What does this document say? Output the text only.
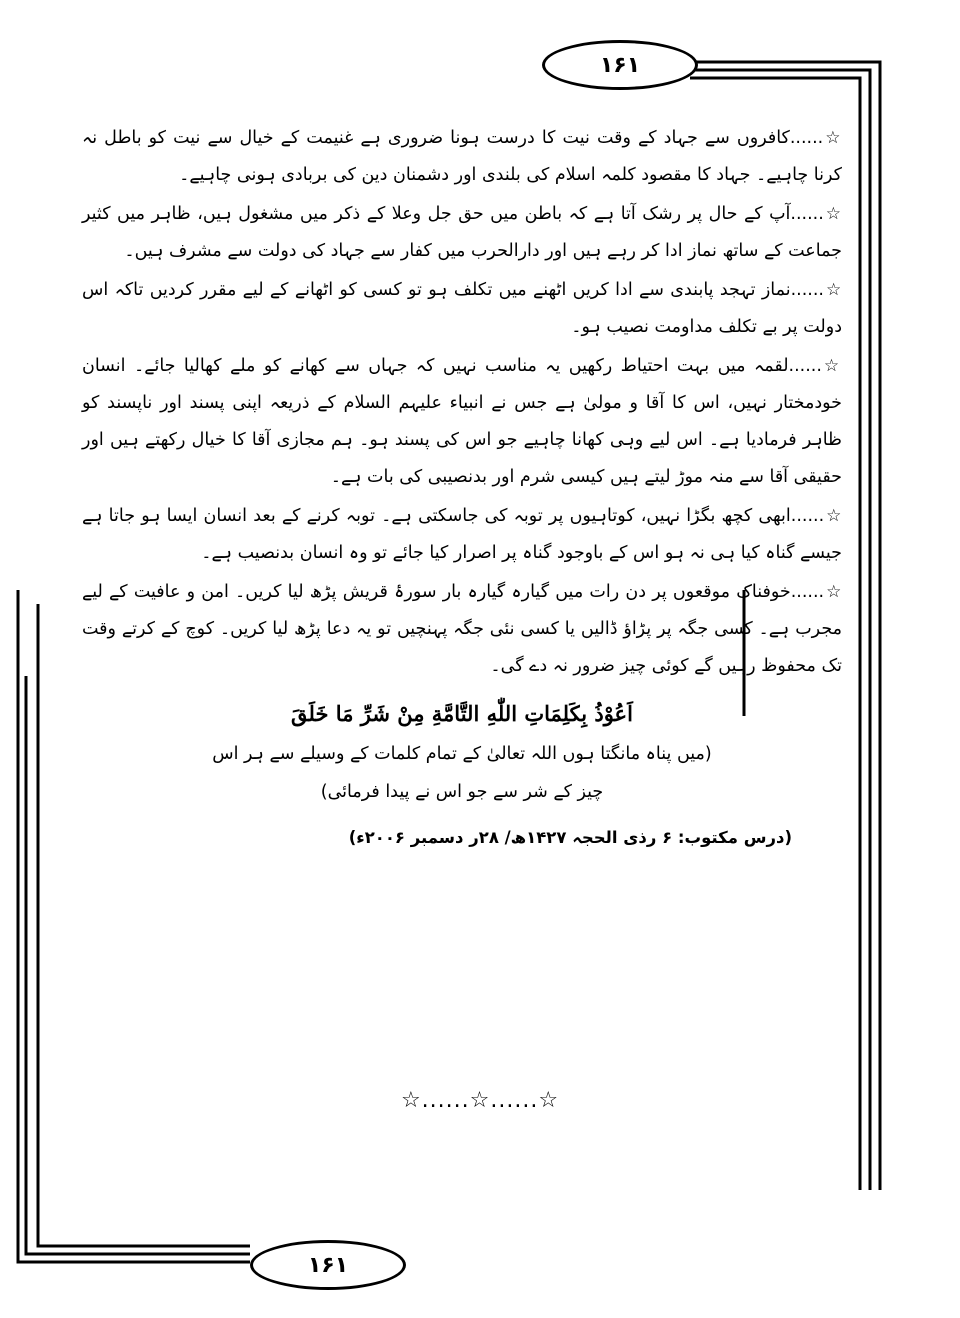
۱۶۱

☆......کافروں سے جہاد کے وقت نیت کا درست ہونا ضروری ہے غنیمت کے خیال سے نیت کو باطل نہ کرنا چاہیے۔ جہاد کا مقصود کلمہ اسلام کی بلندی اور دشمنان دین کی بربادی ہونی چاہیے۔

☆......آپ کے حال پر رشک آتا ہے کہ باطن میں حق جل وعلا کے ذکر میں مشغول ہیں، ظاہر میں کثیر جماعت کے ساتھ نماز ادا کر رہے ہیں اور دارالحرب میں کفار سے جہاد کی دولت سے مشرف ہیں۔

☆......نماز تہجد پابندی سے ادا کریں اٹھنے میں تکلف ہو تو کسی کو اٹھانے کے لیے مقرر کردیں تاکہ اس دولت پر بے تکلف مداومت نصیب ہو۔

☆......لقمہ میں بہت احتیاط رکھیں یہ مناسب نہیں کہ جہاں سے کھانے کو ملے کھالیا جائے۔ انسان خودمختار نہیں، اس کا آقا و مولیٰ ہے جس نے انبیاء علیہم السلام کے ذریعہ اپنی پسند اور ناپسند کو ظاہر فرمادیا ہے۔ اس لیے وہی کھانا چاہیے جو اس کی پسند ہو۔ ہم مجازی آقا کا خیال رکھتے ہیں اور حقیقی آقا سے منہ موڑ لیتے ہیں کیسی شرم اور بدنصیبی کی بات ہے۔

☆......ابھی کچھ بگڑا نہیں، کوتاہیوں پر توبہ کی جاسکتی ہے۔ توبہ کرنے کے بعد انسان ایسا ہو جاتا ہے جیسے گناہ کیا ہی نہ ہو اس کے باوجود گناہ پر اصرار کیا جائے تو وہ انسان بدنصیب ہے۔

☆......خوفناک موقعوں پر دن رات میں گیارہ گیارہ بار سورۂ قریش پڑھ لیا کریں۔ امن و عافیت کے لیے مجرب ہے۔ کسی جگہ پر پڑاؤ ڈالیں یا کسی نئی جگہ پہنچیں تو یہ دعا پڑھ لیا کریں۔ کوچ کے کرتے وقت تک محفوظ رہیں گے کوئی چیز ضرور نہ دے گی۔

اَعُوْذُ بِكَلِمَاتِ اللّٰهِ التَّامَّةِ مِنْ شَرِّ مَا خَلَقَ
(میں پناہ مانگتا ہوں اللہ تعالیٰ کے تمام کلمات کے وسیلے سے ہر اس
چیز کے شر سے جو اس نے پیدا فرمائی)
(درس مکتوب: ۶ رذی الحجہ ۱۴۲۷ھ/ ۲۸ر دسمبر ۲۰۰۶ء)
☆......☆......☆
۱۶۱
